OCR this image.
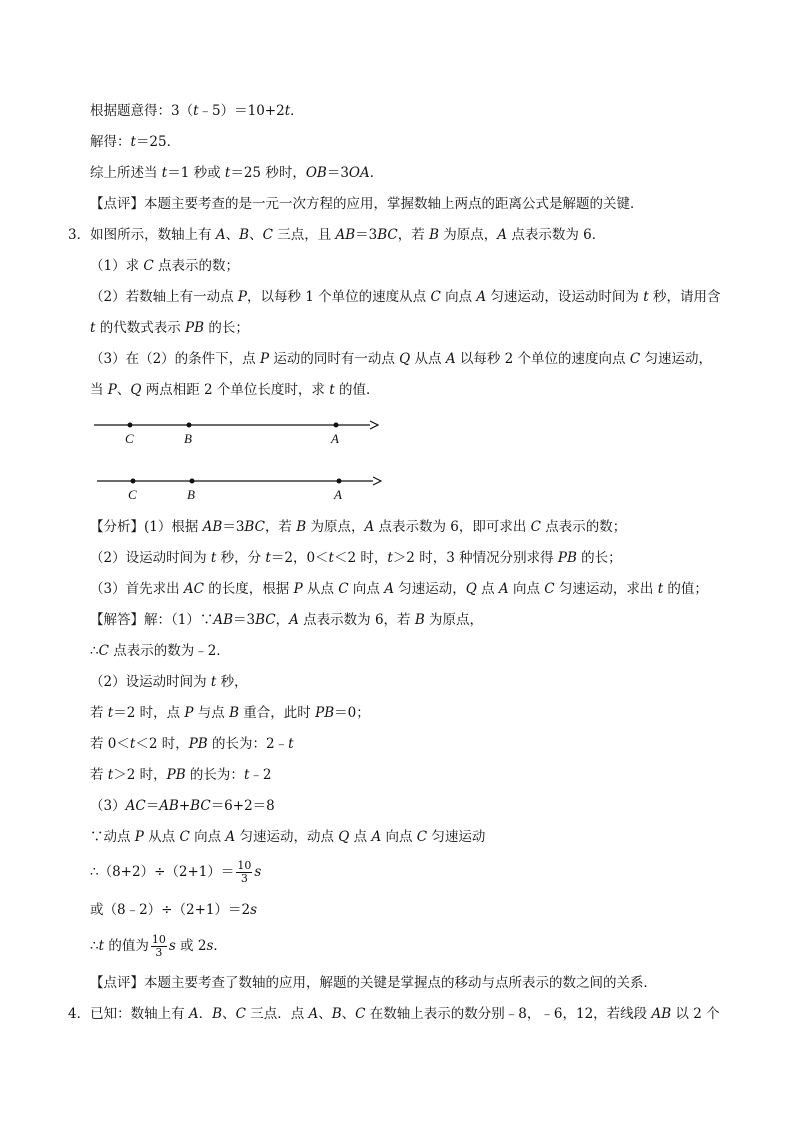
根据题意得：3（t﹣5）＝10+2t．
解得：t＝25．
综上所述当 t＝1 秒或 t＝25 秒时，OB＝3OA．
【点评】本题主要考查的是一元一次方程的应用，掌握数轴上两点的距离公式是解题的关键．
3．如图所示，数轴上有 A、B、C 三点，且 AB＝3BC，若 B 为原点，A 点表示数为 6．
（1）求 C 点表示的数；
（2）若数轴上有一动点 P，以每秒 1 个单位的速度从点 C 向点 A 匀速运动，设运动时间为 t 秒，请用含
t 的代数式表示 PB 的长；
（3）在（2）的条件下，点 P 运动的同时有一动点 Q 从点 A 以每秒 2 个单位的速度向点 C 匀速运动，
当 P、Q 两点相距 2 个单位长度时，求 t 的值．
C	B	A
C	B	A
【分析】(1）根据 AB＝3BC，若 B 为原点，A 点表示数为 6，即可求出 C 点表示的数；
（2）设运动时间为 t 秒，分 t＝2，0＜t＜2 时，t＞2 时，3 种情况分别求得 PB 的长；
（3）首先求出 AC 的长度，根据 P 从点 C 向点 A 匀速运动，Q 点 A 向点 C 匀速运动，求出 t 的值；
【解答】解：（1）∵AB＝3BC，A 点表示数为 6，若 B 为原点，
∴C 点表示的数为﹣2．
（2）设运动时间为 t 秒，
若 t＝2 时，点 P 与点 B 重合，此时 PB＝0；
若 0＜t＜2 时，PB 的长为：2﹣t
若 t＞2 时，PB 的长为：t﹣2
（3）AC＝AB+BC＝6+2＝8
∵动点 P 从点 C 向点 A 匀速运动，动点 Q 点 A 向点 C 匀速运动
∴（8+2）÷（2+1）＝ $\frac{10}{3}$ s
或（8﹣2）÷（2+1）＝2s
∴t 的值为 $\frac{10}{3}$ s 或 2s．
【点评】本题主要考查了数轴的应用，解题的关键是掌握点的移动与点所表示的数之间的关系．
4．已知：数轴上有 A．B、C 三点．点 A、B、C 在数轴上表示的数分别﹣8，﹣6，12，若线段 AB 以 2 个
